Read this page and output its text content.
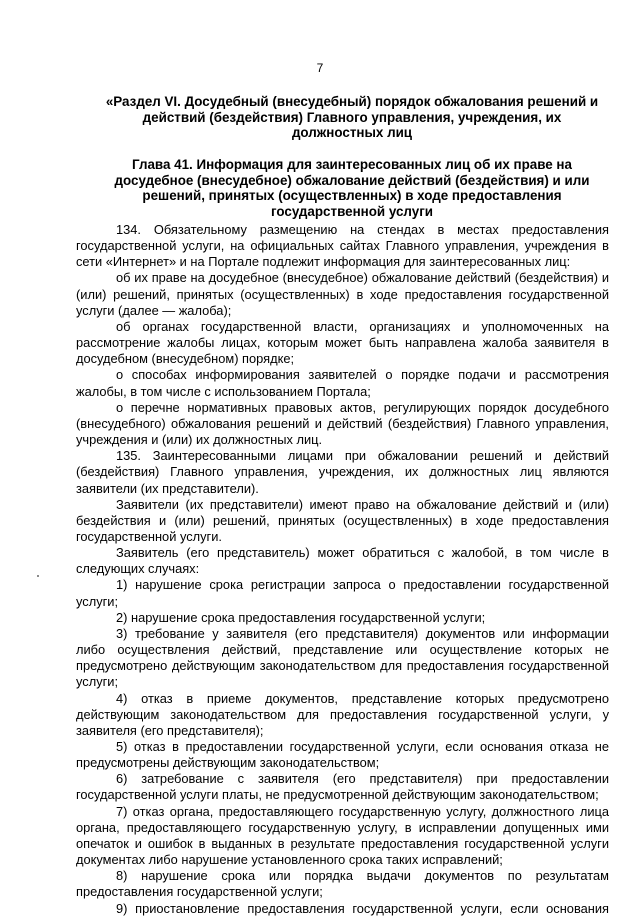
7
«Раздел VI. Досудебный (внесудебный) порядок обжалования решений и действий (бездействия) Главного управления, учреждения, их должностных лиц
Глава 41. Информация для заинтересованных лиц об их праве на досудебное (внесудебное) обжалование действий (бездействия) и или решений, принятых (осуществленных) в ходе предоставления государственной услуги

134. Обязательному размещению на стендах в местах предоставления государственной услуги, на официальных сайтах Главного управления, учреждения в сети «Интернет» и на Портале подлежит информация для заинтересованных лиц:

об их праве на досудебное (внесудебное) обжалование действий (бездействия) и (или) решений, принятых (осуществленных) в ходе предоставления государственной услуги (далее — жалоба);

об органах государственной власти, организациях и уполномоченных на рассмотрение жалобы лицах, которым может быть направлена жалоба заявителя в досудебном (внесудебном) порядке;

о способах информирования заявителей о порядке подачи и рассмотрения жалобы, в том числе с использованием Портала;

о перечне нормативных правовых актов, регулирующих порядок досудебного (внесудебного) обжалования решений и действий (бездействия) Главного управления, учреждения и (или) их должностных лиц.

135. Заинтересованными лицами при обжаловании решений и действий (бездействия) Главного управления, учреждения, их должностных лиц являются заявители (их представители).

Заявители (их представители) имеют право на обжалование действий и (или) бездействия и (или) решений, принятых (осуществленных) в ходе предоставления государственной услуги.

Заявитель (его представитель) может обратиться с жалобой, в том числе в следующих случаях:

1) нарушение срока регистрации запроса о предоставлении государственной услуги;

2) нарушение срока предоставления государственной услуги;

3) требование у заявителя (его представителя) документов или информации либо осуществления действий, представление или осуществление которых не предусмотрено действующим законодательством для предоставления государственной услуги;

4) отказ в приеме документов, представление которых предусмотрено действующим законодательством для предоставления государственной услуги, у заявителя (его представителя);

5) отказ в предоставлении государственной услуги, если основания отказа не предусмотрены действующим законодательством;

6) затребование с заявителя (его представителя) при предоставлении государственной услуги платы, не предусмотренной действующим законодательством;

7) отказ органа, предоставляющего государственную услугу, должностного лица органа, предоставляющего государственную услугу, в исправлении допущенных ими опечаток и ошибок в выданных в результате предоставления государственной услуги документах либо нарушение установленного срока таких исправлений;

8) нарушение срока или порядка выдачи документов по результатам предоставления государственной услуги;

9) приостановление предоставления государственной услуги, если основания
